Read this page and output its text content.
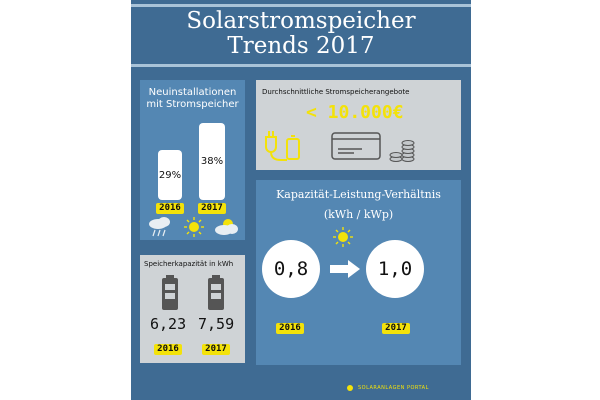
Solarstromspeicher
Trends 2017
Neuinstallationen
mit Stromspeicher
29%
38%
2016	2017
Durchschnittliche Stromspeicherangebote
< 10.000€
Kapazität-Leistung-Verhältnis
(kWh / kWp)
0,8	1,0
2016	2017
Speicherkapazität in kWh
6,23 7,59
2016	2017
SOLARANLAGEN PORTAL
